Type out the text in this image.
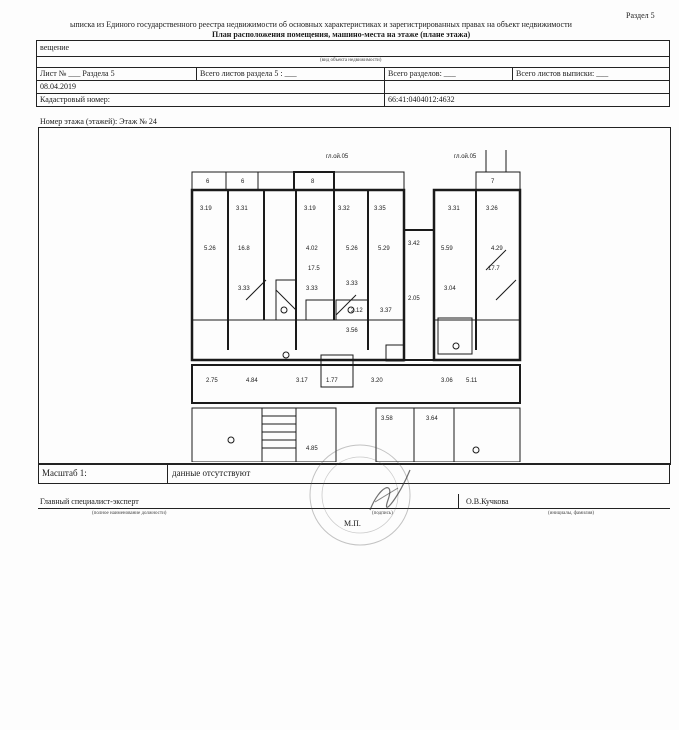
Раздел 5
ыписка из Единого государственного реестра недвижимости об основных характеристиках и зарегистрированных правах на объект недвижимости
План расположения помещения, машино-места на этаже (плане этажа)
вещение
(вид объекта недвижимости)
Лист № ___ Раздела 5	Всего листов раздела 5 : ___	Всего разделов: ___	Всего листов выписки: ___
08.04.2019
Кадастровый номер:	66:41:0404012:4632
Номер этажа (этажей): Этаж № 24
гл.ой.05	гл.ой.05
6	6	8	7
3.19	3.31	3.19	3.32	3.35	3.31	3.26
3.42
5.26	16.8	4.02	5.26	5.29	5.59	4.29
3.33
3.33
2.12	3.37
3.56
3.04
3.33
17.5	17.7
2.05
4.84	3.17	3.20
3.58	3.64
4.85
3.06
2.75	1.77	5.11
Масштаб 1:	данные отсутствуют
Главный специалист-эксперт
(полное наименование должности)	(подпись)
О.В.Кучкова
(инициалы, фамилия)
М.П.
